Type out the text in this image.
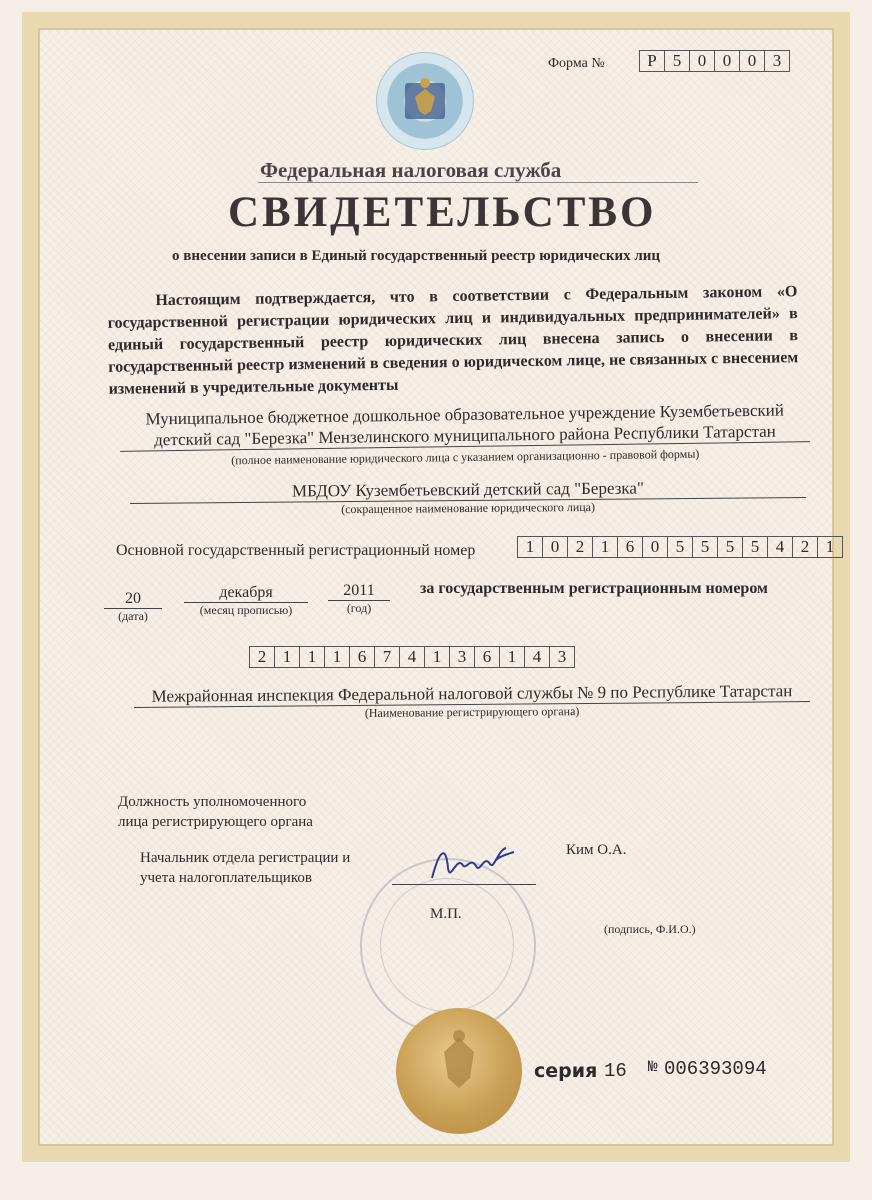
Форма №	Р 5 0 0 0 3
Федеральная налоговая служба
СВИДЕТЕЛЬСТВО
о внесении записи в Единый государственный реестр юридических лиц
Настоящим подтверждается, что в соответствии с Федеральным законом «О государственной регистрации юридических лиц и индивидуальных предпринимателей» в единый государственный реестр юридических лиц внесена запись о внесении в государственный реестр изменений в сведения о юридическом лице, не связанных с внесением изменений в учредительные документы
Муниципальное бюджетное дошкольное образовательное учреждение Кузембетьевский
детский сад "Березка" Мензелинского муниципального района Республики Татарстан
(полное наименование юридического лица с указанием организационно - правовой формы)
МБДОУ Кузембетьевский детский сад "Березка"
(сокращенное наименование юридического лица)
Основной государственный регистрационный номер	1 0 2 1 6 0 5 5 5 5 4 2 1
20
(дата)
декабря
(месяц прописью)
2011
(год)
за государственным регистрационным номером
2 1 1 1 6 7 4 1 3 6 1 4 3
Межрайонная инспекция Федеральной налоговой службы № 9 по Республике Татарстан
(Наименование регистрирующего органа)
Должность уполномоченного
лица регистрирующего органа
Начальник отдела регистрации и
учета налогоплательщиков
Ким О.А.
М.П.
(подпись, Ф.И.О.)
серия 16 № 006393094
